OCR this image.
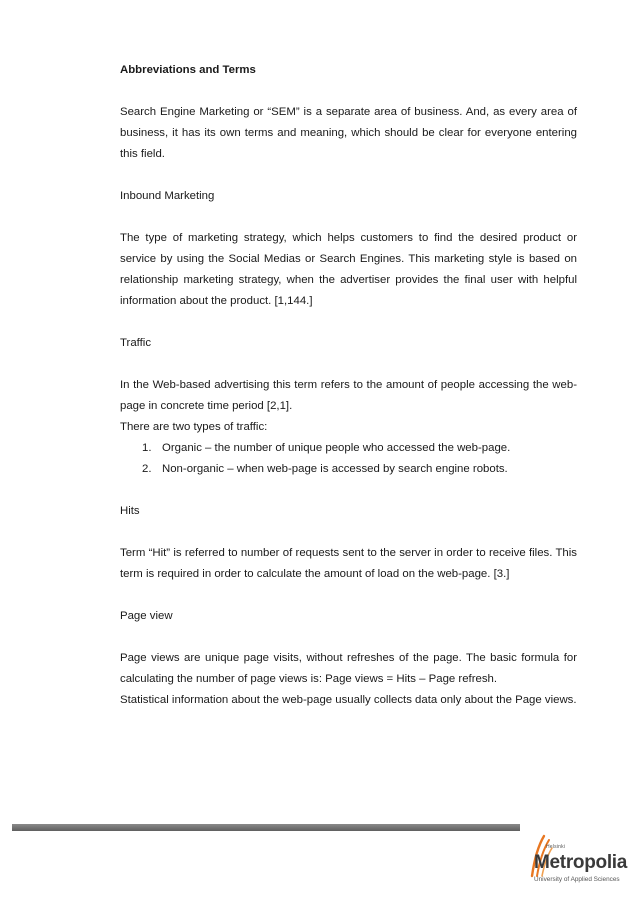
Abbreviations and Terms

Search Engine Marketing or “SEM” is a separate area of business. And, as every area of business, it has its own terms and meaning, which should be clear for everyone entering this field.

Inbound Marketing

The type of marketing strategy, which helps customers to find the desired product or service by using the Social Medias or Search Engines. This marketing style is based on relationship marketing strategy, when the advertiser provides the final user with helpful information about the product. [1,144.]

Traffic

In the Web-based advertising this term refers to the amount of people accessing the web-page in concrete time period [2,1].

There are two types of traffic:

1. Organic – the number of unique people who accessed the web-page.
2. Non-organic – when web-page is accessed by search engine robots.

Hits

Term “Hit” is referred to number of requests sent to the server in order to receive files. This term is required in order to calculate the amount of load on the web-page. [3.]

Page view

Page views are unique page visits, without refreshes of the page. The basic formula for calculating the number of page views is: Page views = Hits – Page refresh.

Statistical information about the web-page usually collects data only about the Page views.

Helsinki
Metropolia
University of Applied Sciences
